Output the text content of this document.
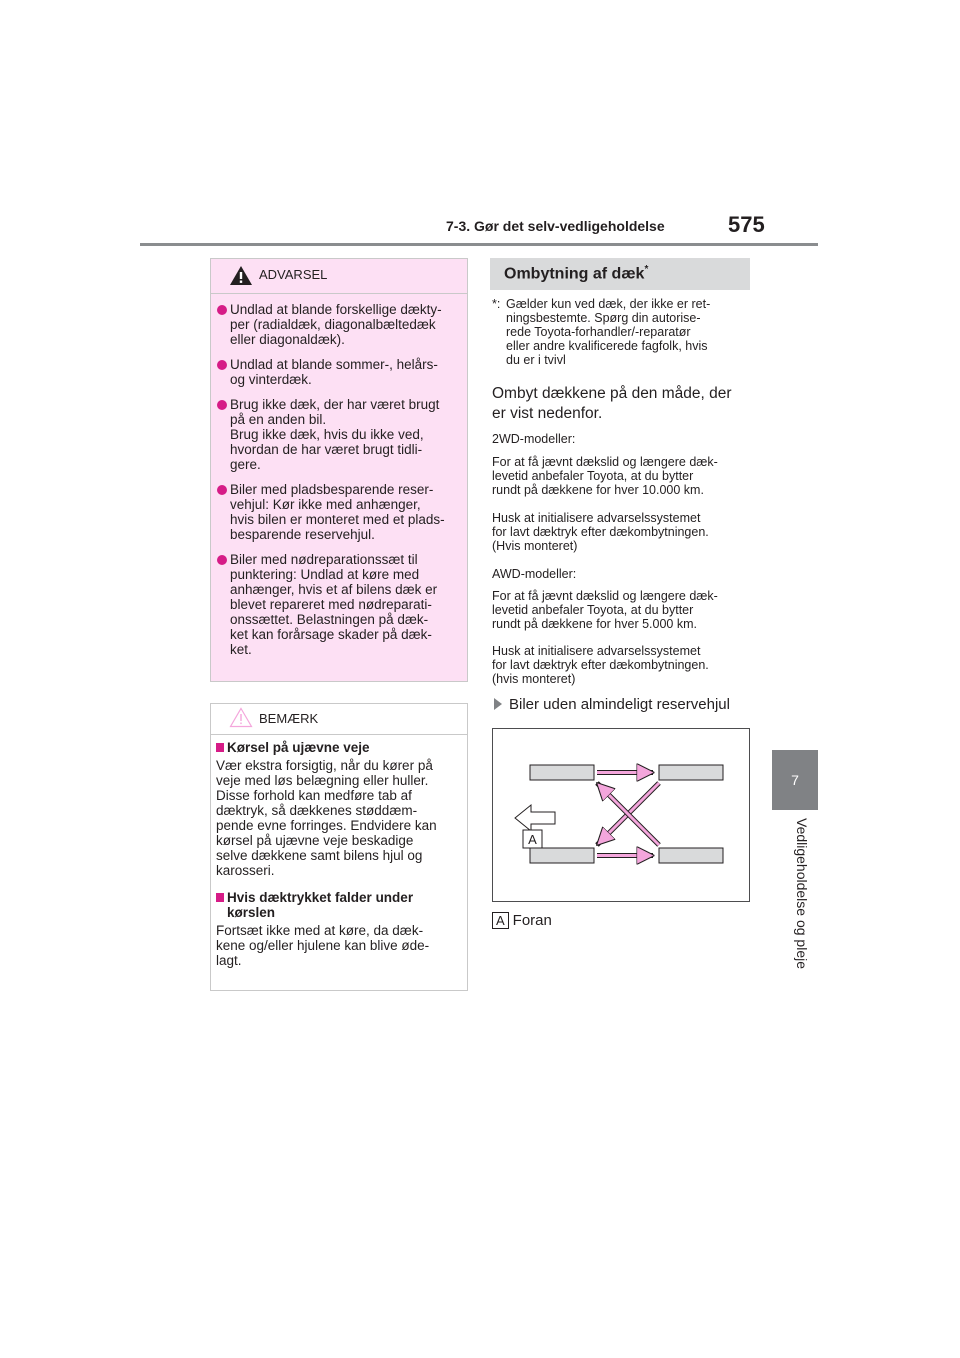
7-3. Gør det selv-vedligeholdelse	575
7
Vedligeholdelse og pleje
ADVARSEL
Undlad at blande forskellige dækty-
per (radialdæk, diagonalbæltedæk
eller diagonaldæk).
Undlad at blande sommer-, helårs-
og vinterdæk.
Brug ikke dæk, der har været brugt
på en anden bil.
Brug ikke dæk, hvis du ikke ved,
hvordan de har været brugt tidli-
gere.
Biler med pladsbesparende reser-
vehjul: Kør ikke med anhænger,
hvis bilen er monteret med et plads-
besparende reservehjul.
Biler med nødreparationssæt til
punktering: Undlad at køre med
anhænger, hvis et af bilens dæk er
blevet repareret med nødreparati-
onssættet. Belastningen på dæk-
ket kan forårsage skader på dæk-
ket.
BEMÆRK
Kørsel på ujævne veje
Vær ekstra forsigtig, når du kører på
veje med løs belægning eller huller.
Disse forhold kan medføre tab af
dæktryk, så dækkenes støddæm-
pende evne forringes. Endvidere kan
kørsel på ujævne veje beskadige
selve dækkene samt bilens hjul og
karosseri.
Hvis dæktrykket falder under
kørslen
Fortsæt ikke med at køre, da dæk-
kene og/eller hjulene kan blive øde-
lagt.
Ombytning af dæk*
*: Gælder kun ved dæk, der ikke er ret-
ningsbestemte. Spørg din autorise-
rede Toyota-forhandler/-reparatør
eller andre kvalificerede fagfolk, hvis
du er i tvivl
Ombyt dækkene på den måde, der
er vist nedenfor.
2WD-modeller:
For at få jævnt dækslid og længere dæk-
levetid anbefaler Toyota, at du bytter
rundt på dækkene for hver 10.000 km.
Husk at initialisere advarselssystemet
for lavt dæktryk efter dækombytningen.
(Hvis monteret)
AWD-modeller:
For at få jævnt dækslid og længere dæk-
levetid anbefaler Toyota, at du bytter
rundt på dækkene for hver 5.000 km.
Husk at initialisere advarselssystemet
for lavt dæktryk efter dækombytningen.
(hvis monteret)
Biler uden almindeligt reservehjul
A
A Foran
